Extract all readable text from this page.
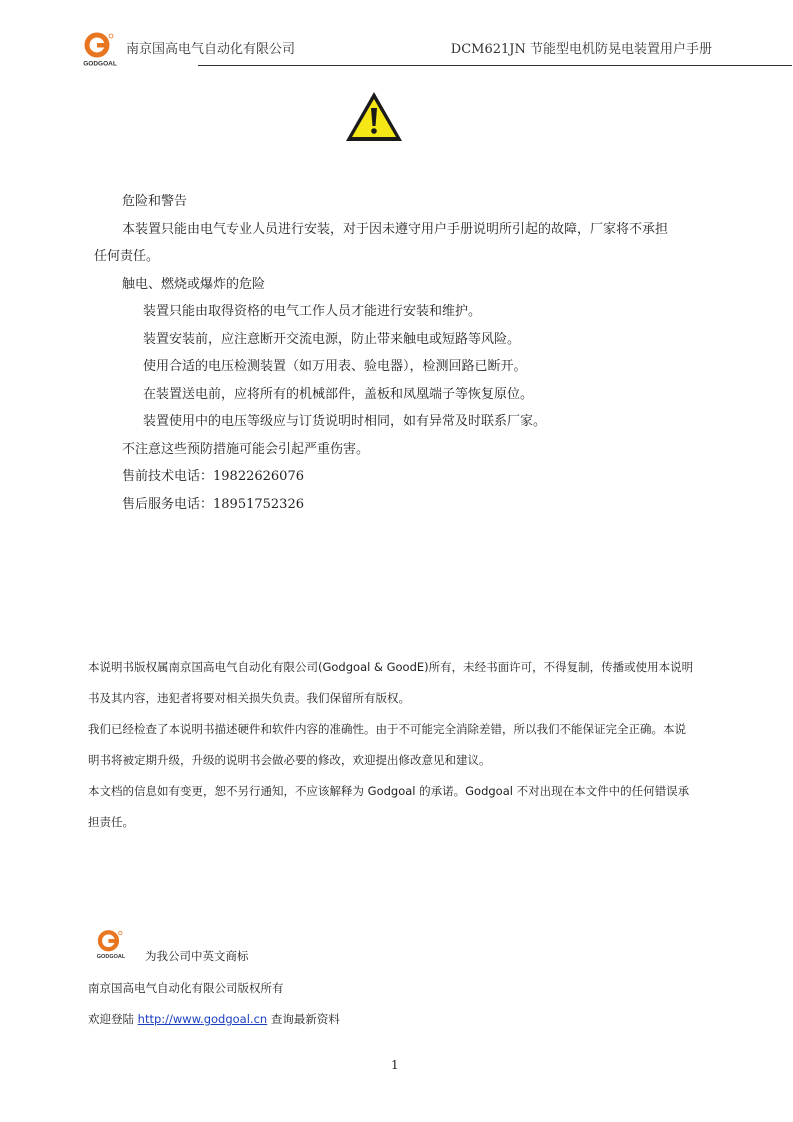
GODGOAL
南京国高电气自动化有限公司	DCM621JN 节能型电机防晃电装置用户手册

危险和警告

本装置只能由电气专业人员进行安装，对于因未遵守用户手册说明所引起的故障，厂家将不承担

任何责任。

触电、燃烧或爆炸的危险

装置只能由取得资格的电气工作人员才能进行安装和维护。

装置安装前，应注意断开交流电源，防止带来触电或短路等风险。

使用合适的电压检测装置（如万用表、验电器），检测回路已断开。

在装置送电前，应将所有的机械部件，盖板和凤凰端子等恢复原位。

装置使用中的电压等级应与订货说明时相同，如有异常及时联系厂家。

不注意这些预防措施可能会引起严重伤害。

售前技术电话：19822626076

售后服务电话：18951752326

本说明书版权属南京国高电气自动化有限公司(Godgoal & GoodE)所有，未经书面许可，不得复制，传播或使用本说明

书及其内容，违犯者将要对相关损失负责。我们保留所有版权。

我们已经检查了本说明书描述硬件和软件内容的准确性。由于不可能完全消除差错，所以我们不能保证完全正确。本说

明书将被定期升级，升级的说明书会做必要的修改，欢迎提出修改意见和建议。

本文档的信息如有变更，恕不另行通知，不应该解释为 Godgoal 的承诺。Godgoal 不对出现在本文件中的任何错误承

担责任。

GODGOAL 为我公司中英文商标
南京国高电气自动化有限公司版权所有
欢迎登陆 http://www.godgoal.cn 查询最新资料
1
